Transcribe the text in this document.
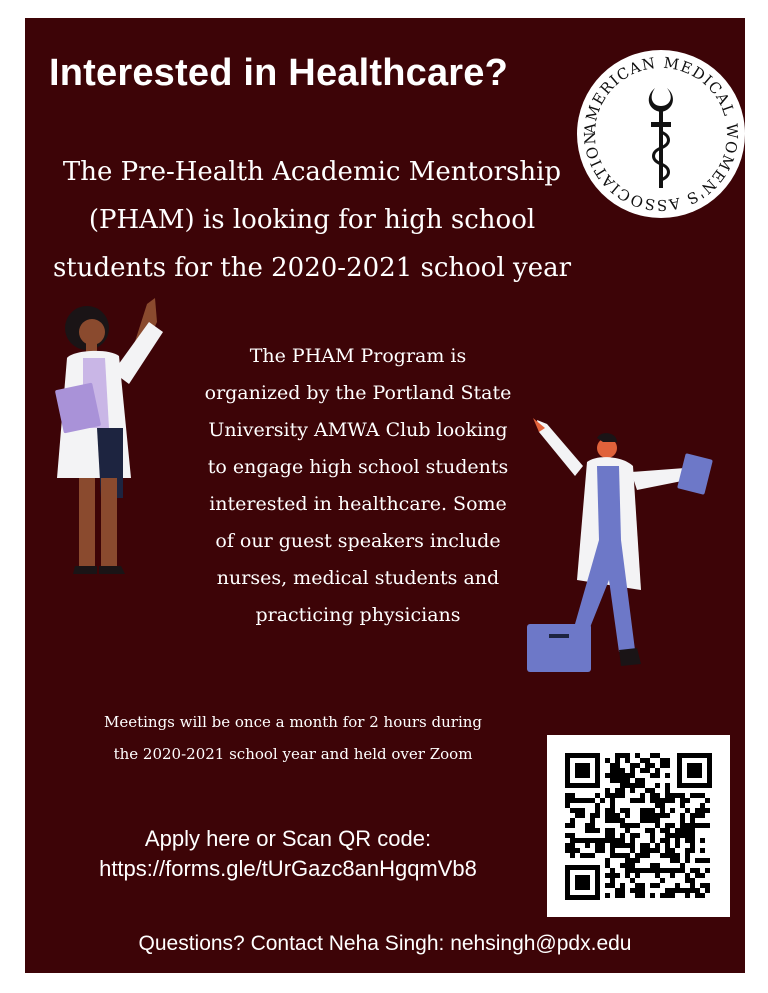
Interested in Healthcare?
AMERICAN MEDICAL WOMEN'S ASSOCIATION

The Pre-Health Academic Mentorship
(PHAM) is looking for high school
students for the 2020-2021 school year

The PHAM Program is
organized by the Portland State
University AMWA Club looking
to engage high school students
interested in healthcare. Some
of our guest speakers include
nurses, medical students and
practicing physicians

Meetings will be once a month for 2 hours during
the 2020-2021 school year and held over Zoom

Apply here or Scan QR code:
https://forms.gle/tUrGazc8anHgqmVb8

Questions? Contact Neha Singh: nehsingh@pdx.edu
